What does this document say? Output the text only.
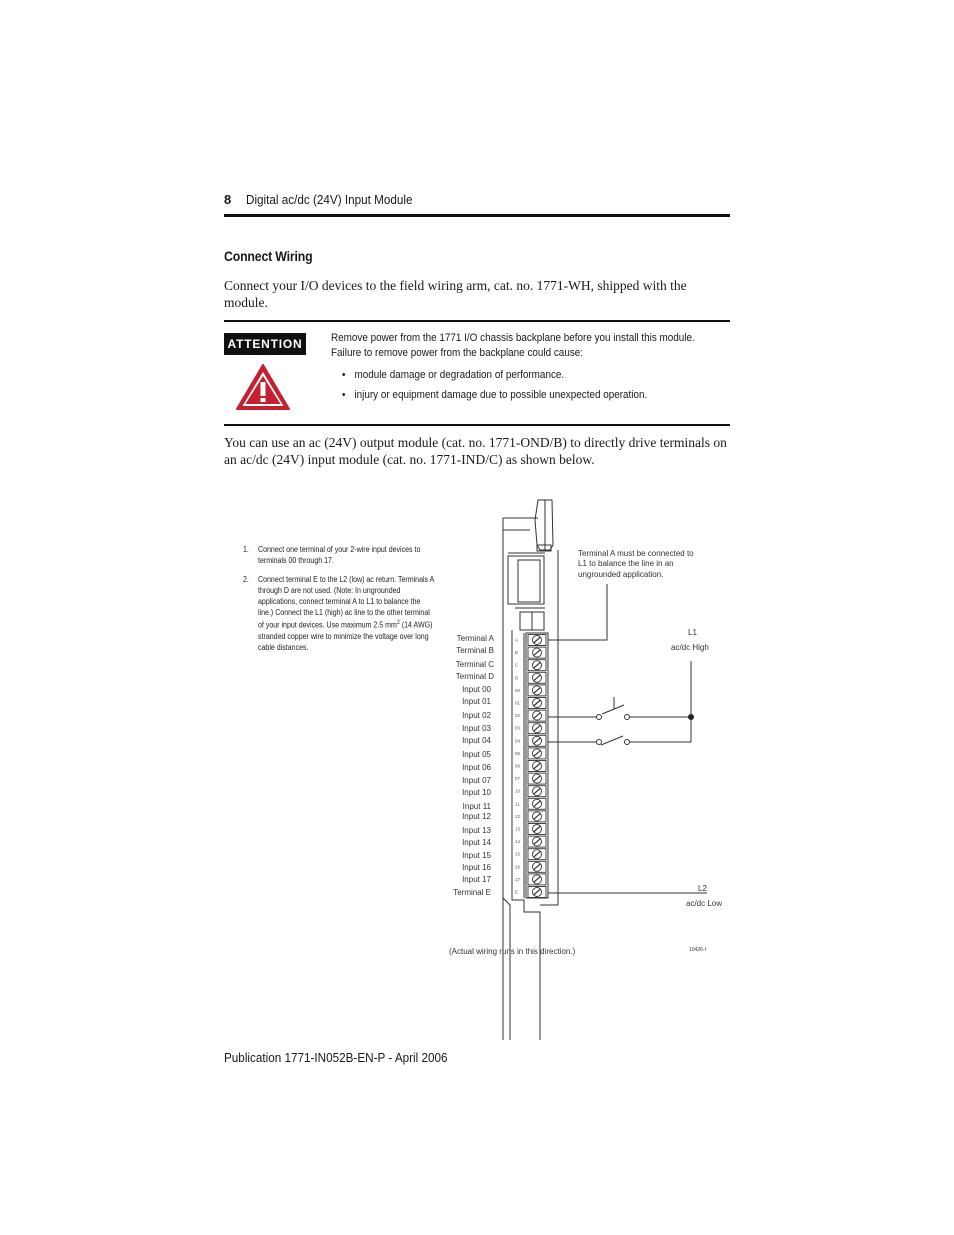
8 Digital ac/dc (24V) Input Module
Connect Wiring
Connect your I/O devices to the field wiring arm, cat. no. 1771-WH, shipped with the module.
ATTENTION	Remove power from the 1771 I/O chassis backplane before you install this module.
Failure to remove power from the backplane could cause:
• module damage or degradation of performance.
• injury or equipment damage due to possible unexpected operation.
You can use an ac (24V) output module (cat. no. 1771-OND/B) to directly drive terminals on an ac/dc (24V) input module (cat. no. 1771-IND/C) as shown below.
Terminal A must be connected to
L1 to balance the line in an
ungrounded application.
L1
ac/dc High
L2
ac/dc Low
(Actual wiring runs in this direction.)	10426-I
Terminal A
Terminal B
Terminal C
Terminal D
Input 00
Input 01
Input 02
Input 03
Input 04
Input 05
Input 06
Input 07
Input 10
Input 11
Input 12
Input 13
Input 14
Input 15
Input 16
Input 17
Terminal E
A
B
C
D
00
01
02
03
04
05
06
07
10
11
12
13
14
15
16
17
E
1. Connect one terminal of your 2-wire input devices to terminals 00 through 17.
2. Connect terminal E to the L2 (low) ac return. Terminals A through D are not used. (Note: In ungrounded applications, connect terminal A to L1 to balance the line.) Connect the L1 (high) ac line to the other terminal of your input devices. Use maximum 2.5 $mm^2$ (14 AWG) stranded copper wire to minimize the voltage over long cable distances.
Publication 1771-IN052B-EN-P - April 2006
